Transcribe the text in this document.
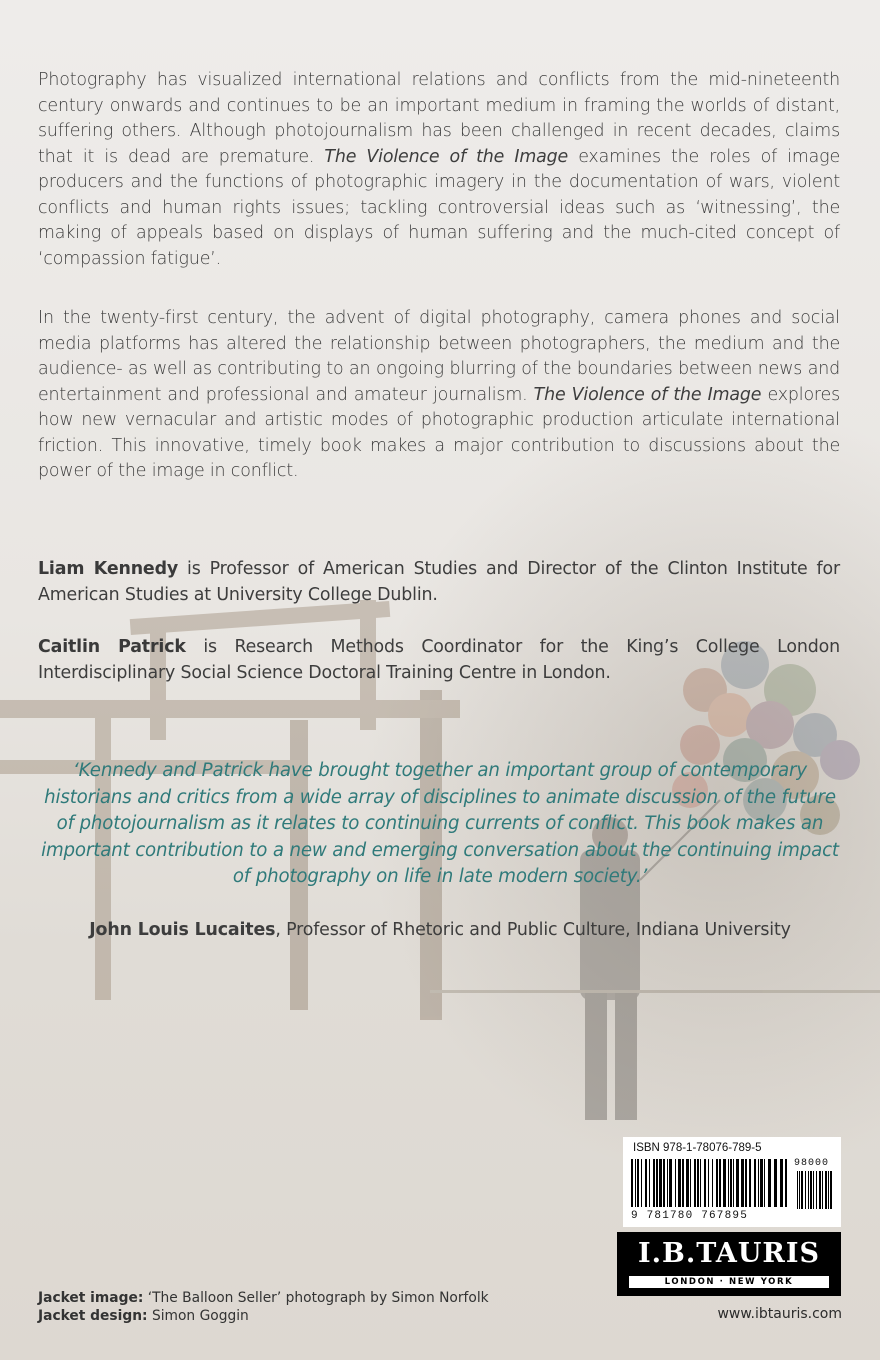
Photography has visualized international relations and conflicts from the mid-nineteenth century onwards and continues to be an important medium in framing the worlds of distant, suffering others. Although photojournalism has been challenged in recent decades, claims that it is dead are premature. The Violence of the Image examines the roles of image producers and the functions of photographic imagery in the documentation of wars, violent conflicts and human rights issues; tackling controversial ideas such as ‘witnessing’, the making of appeals based on displays of human suffering and the much-cited concept of ‘compassion fatigue’.

In the twenty-first century, the advent of digital photography, camera phones and social media platforms has altered the relationship between photographers, the medium and the audience- as well as contributing to an ongoing blurring of the boundaries between news and entertainment and professional and amateur journalism. The Violence of the Image explores how new vernacular and artistic modes of photographic production articulate international friction. This innovative, timely book makes a major contribution to discussions about the power of the image in conflict.

Liam Kennedy is Professor of American Studies and Director of the Clinton Institute for American Studies at University College Dublin.
Caitlin Patrick is Research Methods Coordinator for the King’s College London Interdisciplinary Social Science Doctoral Training Centre in London.
‘Kennedy and Patrick have brought together an important group of contemporary historians and critics from a wide array of disciplines to animate discussion of the future of photojournalism as it relates to continuing currents of conflict. This book makes an important contribution to a new and emerging conversation about the continuing impact of photography on life in late modern society.’
John Louis Lucaites, Professor of Rhetoric and Public Culture, Indiana University
ISBN 978-1-78076-789-5
98000
9 781780 767895
I.B.TAURIS
LONDON · NEW YORK
www.ibtauris.com
Jacket image: ‘The Balloon Seller’ photograph by Simon Norfolk
Jacket design: Simon Goggin
